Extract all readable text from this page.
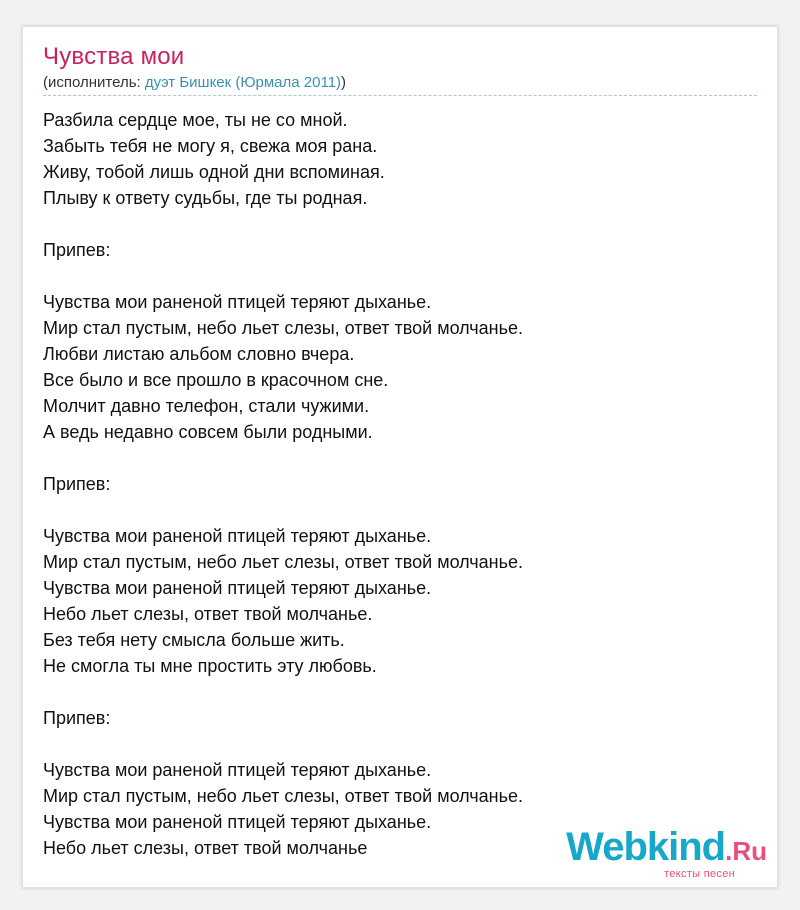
Чувства мои
(исполнитель: дуэт Бишкек (Юрмала 2011))
Разбила сердце мое, ты не со мной.
Забыть тебя не могу я, свежа моя рана.
Живу, тобой лишь одной дни вспоминая.
Плыву к ответу судьбы, где ты родная.
Припев:
Чувства мои раненой птицей теряют дыханье.
Мир стал пустым, небо льет слезы, ответ твой молчанье.
Любви листаю альбом словно вчера.
Все было и все прошло в красочном сне.
Молчит давно телефон, стали чужими.
А ведь недавно совсем были родными.
Припев:
Чувства мои раненой птицей теряют дыханье.
Мир стал пустым, небо льет слезы, ответ твой молчанье.
Чувства мои раненой птицей теряют дыханье.
Небо льет слезы, ответ твой молчанье.
Без тебя нету смысла больше жить.
Не смогла ты мне простить эту любовь.
Припев:
Чувства мои раненой птицей теряют дыханье.
Мир стал пустым, небо льет слезы, ответ твой молчанье.
Чувства мои раненой птицей теряют дыханье.
Небо льет слезы, ответ твой молчанье	Webkind.Ru
тексты песен
